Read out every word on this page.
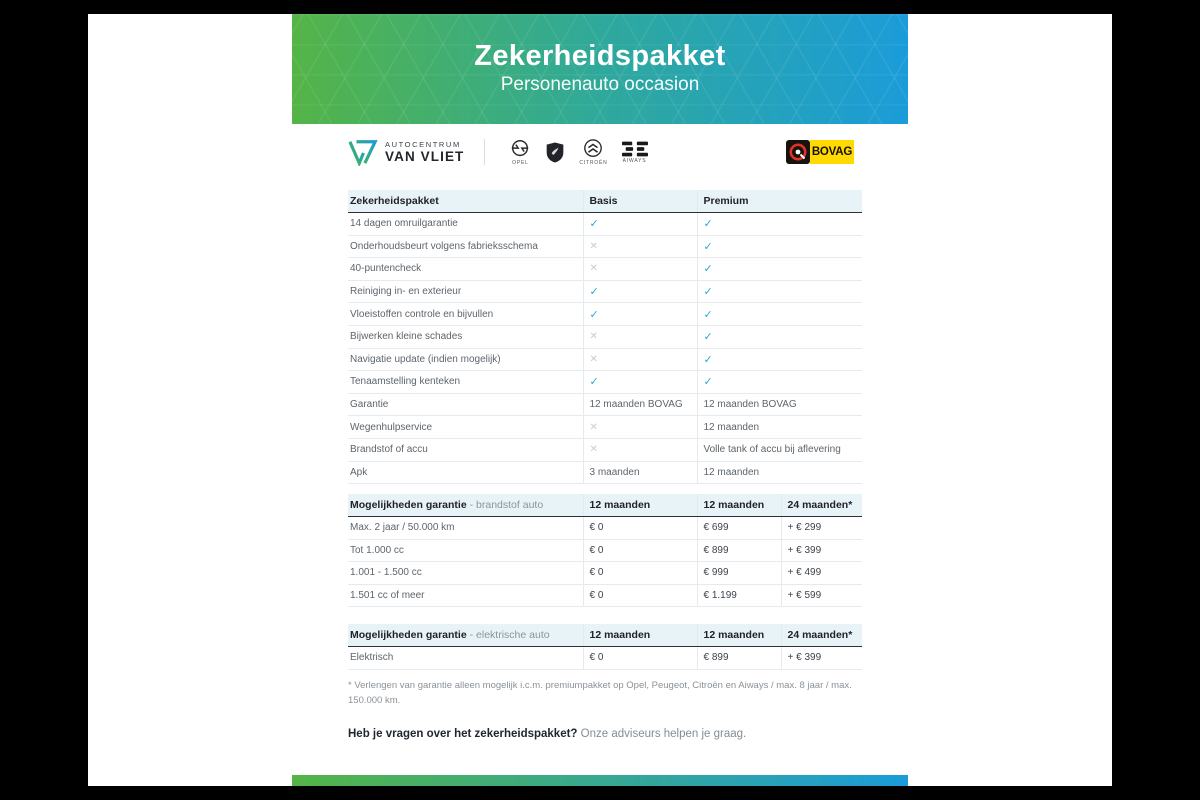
Zekerheidspakket
Personenauto occasion
AUTOCENTRUM
VAN VLIET	OPEL	CITROËN	AIWAYS
BOVAG
Zekerheidspakket	Basis	Premium
14 dagen omruilgarantie	✓	✓
Onderhoudsbeurt volgens fabrieksschema	✕	✓
40-puntencheck	✕	✓
Reiniging in- en exterieur	✓	✓
Vloeistoffen controle en bijvullen	✓	✓
Bijwerken kleine schades	✕	✓
Navigatie update (indien mogelijk)	✕	✓
Tenaamstelling kenteken	✓	✓
Garantie	12 maanden BOVAG	12 maanden BOVAG
Wegenhulpservice	✕	12 maanden
Brandstof of accu	✕	Volle tank of accu bij aflevering
Apk	3 maanden	12 maanden
Mogelijkheden garantie - brandstof auto	12 maanden	12 maanden	24 maanden*
Max. 2 jaar / 50.000 km	€ 0	€ 699	+ € 299
Tot 1.000 cc	€ 0	€ 899	+ € 399
1.001 - 1.500 cc	€ 0	€ 999	+ € 499
1.501 cc of meer	€ 0	€ 1.199	+ € 599
Mogelijkheden garantie - elektrische auto	12 maanden	12 maanden	24 maanden*
Elektrisch	€ 0	€ 899	+ € 399
* Verlengen van garantie alleen mogelijk i.c.m. premiumpakket op Opel, Peugeot, Citroën en Aiways / max. 8 jaar / max. 150.000 km.
Heb je vragen over het zekerheidspakket? Onze adviseurs helpen je graag.
